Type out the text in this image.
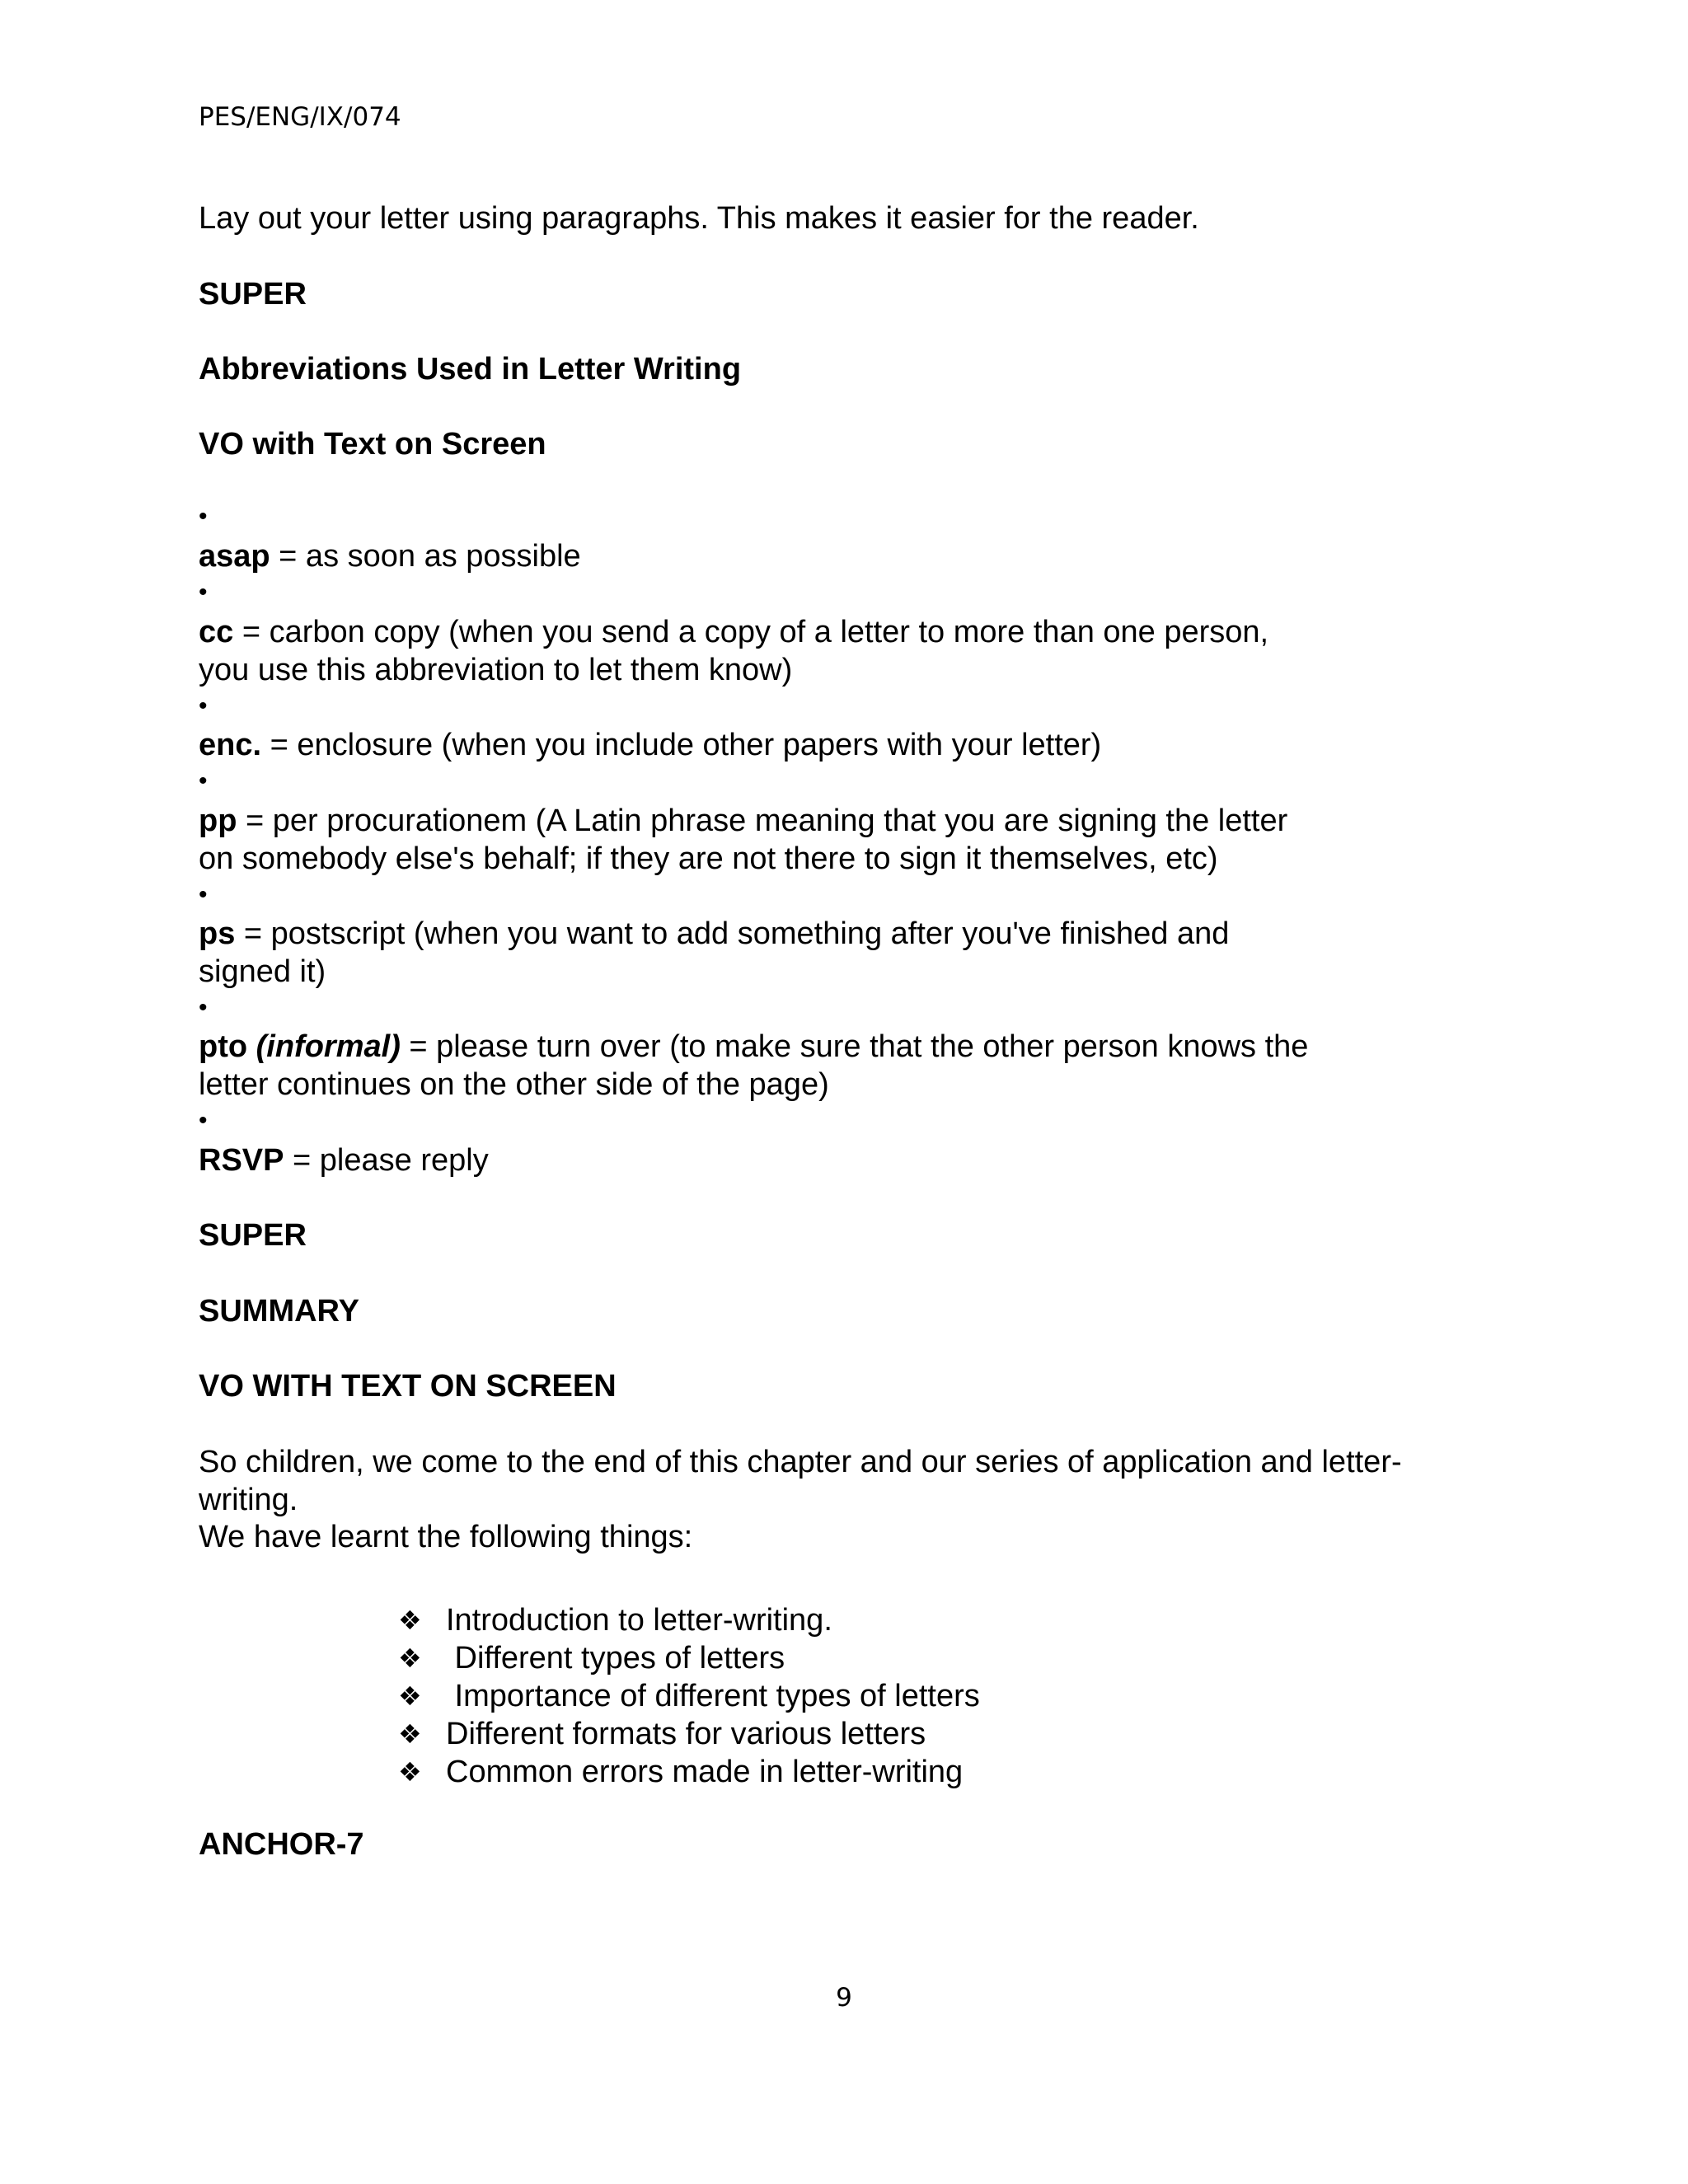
PES/ENG/IX/074
Lay out your letter using paragraphs. This makes it easier for the reader.
SUPER
Abbreviations Used in Letter Writing
VO with Text on Screen
•
asap = as soon as possible
•
cc = carbon copy (when you send a copy of a letter to more than one person,
you use this abbreviation to let them know)
•
enc. = enclosure (when you include other papers with your letter)
•
pp = per procurationem (A Latin phrase meaning that you are signing the letter
on somebody else's behalf; if they are not there to sign it themselves, etc)
•
ps = postscript (when you want to add something after you've finished and
signed it)
•
pto (informal) = please turn over (to make sure that the other person knows the
letter continues on the other side of the page)
•
RSVP = please reply
SUPER
SUMMARY
VO WITH TEXT ON SCREEN
So children, we come to the end of this chapter and our series of application and letter-
writing.
We have learnt the following things:
❖ Introduction to letter-writing.
❖ Different types of letters
❖ Importance of different types of letters
❖ Different formats for various letters
❖ Common errors made in letter-writing
ANCHOR-7
9
